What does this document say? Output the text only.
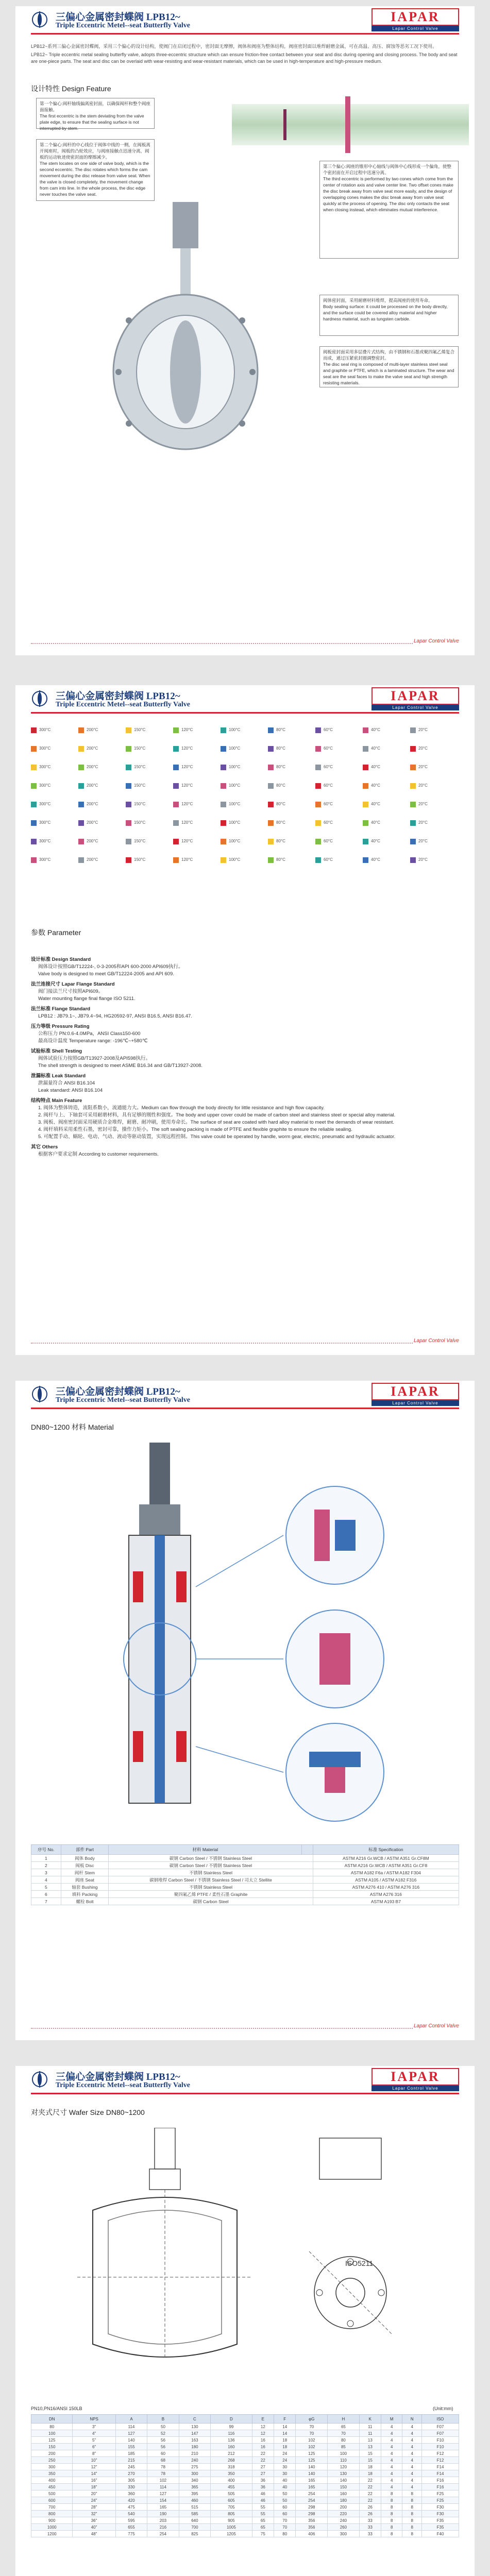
三偏心金属密封蝶阀 LPB12~
Triple Eccentric Metel--seat Butterfly Valve
IAPAR
Lapar Control Valve

LPB12~系列三偏心金属密封蝶阀，采用三个偏心的设计结构，使阀门在启闭过程中，密封面无摩擦，阀体和阀座为整体结构，阀座密封面以堆焊耐磨金属，可在高温、高压、腐蚀等恶劣工况下使用。

LPB12~ Triple eccentric metal sealing butterfly valve, adopts three-eccentric structure which can ensure friction-free contact between your seat and disc during opening and closing process. The body and seat are one-piece parts. The seat and disc can be overlaid with wear-resisting and wear-resistant materials, which can be used in high-temperature and high-pressure medium.

设计特性 Design Feature
第一个偏心:阀杆轴线偏离密封面，以确保阀杆和整个阀座面接触。
The first eccentric is the stem deviating from the valve plate edge, to ensure that the sealing surface is not interrupted by stem.
第二个偏心:阀杆的中心线位于阀体中线的一侧，在阀板离开阀座时，阀板的凸轮效应，与阀座接触点迅速分离，阀板的运动轨迹使密封面的摩擦减少。
The stem locates on one side of valve body, which is the second eccentric. The disc rotates which forms the cam movement during the disc release from valve seat. When the valve is closed completely, the movement change from cam into line. In the whole process, the disc edge never touches the valve seat.
第三个偏心:阀座的锥形中心轴线与阀体中心线形成一个偏角，使整个密封面在开启过程中迅速分离。
The third eccentric is performed by two cones which come from the center of rotation axis and valve center line. Two offset cones make the disc break away from valve seat more easily, and the design of overlapping cones makes the disc break away from valve seat quickly at the process of opening. The disc only contacts the seat when closing instead, which eliminates mutual interference.
阀体密封面，采用耐磨材料堆焊，提高阀座的使用寿命。
Body sealing surface: it could be processed on the body directly, and the surface could be covered alloy material and higher hardness material, such as tungsten carbide.
阀板密封面采用多层叠片式结构，由不锈钢和石墨或聚四氟乙烯复合而成，通过压紧密封圈调整密封。
The disc seal ring is composed of multi-layer stainless steel seal and graphite or PTFE, which is a laminated structure. The wear and seat are the seal faces to make the valve seat and high strength resisting materials.
Lapar Control Valve
三偏心金属密封蝶阀 LPB12~
Triple Eccentric Metel--seat Butterfly Valve
IAPAR
Lapar Control Valve
300°C	200°C	150°C	120°C	100°C	80°C	60°C	40°C	20°C
300°C	200°C	150°C	120°C	100°C	80°C	60°C	40°C	20°C
300°C	200°C	150°C	120°C	100°C	80°C	60°C	40°C	20°C
300°C	200°C	150°C	120°C	100°C	80°C	60°C	40°C	20°C
300°C	200°C	150°C	120°C	100°C	80°C	60°C	40°C	20°C
300°C	200°C	150°C	120°C	100°C	80°C	60°C	40°C	20°C
300°C	200°C	150°C	120°C	100°C	80°C	60°C	40°C	20°C
300°C	200°C	150°C	120°C	100°C	80°C	60°C	40°C	20°C
参数 Parameter
设计标准 Design Standard
阀体设计按照GB/T12224-, 0-3-2005和API 600-2000 API609执行。
Valve body is designed to meet GB/T12224-2005 and API 609.
法兰连接尺寸 Lapar Flange Standard
阀门接法兰尺寸按照API609。
Water mounting flange final flange ISO 5211.
法兰标准 Flange Standard
LPB12 : JB79.1~, JB79.4~94, HG20592-97, ANSI B16.5, ANSI B16.47.
压力等级 Pressure Rating
公称压力 PN:0.6-4.0MPa，ANSI Class150-600
最高设计温度 Temperature range: -196℃~+580℃
试验标准 Shell Testing
阀体试验压力按照GB/T13927-2008及API598执行。
The shell strength is designed to meet ASME B16.34 and GB/T13927-2008.
泄漏标准 Leak Standard
泄漏量符合 ANSI B16.104
Leak standard: ANSI B16.104
结构特点 Main Feature
1. 阀体为整体铸造，流阻系数小，流通能力大。Medium can flow through the body directly for little resistance and high flow capacity.
2. 阀杆与上、下轴套可采用耐磨材料，具有足够的刚性和强度。The body and upper cover could be made of carbon steel and stainless steel or special alloy material.
3. 阀板、阀座密封面采用硬质合金堆焊，耐磨、耐冲刷，使用寿命长。The surface of seat are coated with hard alloy material to meet the demands of wear resistant.
4. 阀杆填料采用柔性石墨，密封可靠，操作力矩小。The soft sealing packing is made of PTFE and flexible graphite to ensure the reliable sealing.
5. 可配置手动、蜗轮、电动、气动、液动等驱动装置，实现远程控制。This valve could be operated by handle, worm gear, electric, pneumatic and hydraulic actuator.
其它 Others
根据客户要求定制 According to customer requirements.
Lapar Control Valve
三偏心金属密封蝶阀 LPB12~
Triple Eccentric Metel--seat Butterfly Valve
IAPAR
Lapar Control Valve
DN80~1200 材料 Material
序号 No.	部件 Part	材料 Material		标准 Specification
1	阀体 Body	碳钢 Carbon Steel / 不锈钢 Stainless Steel		ASTM A216 Gr.WCB / ASTM A351 Gr.CF8M
2	阀板 Disc	碳钢 Carbon Steel / 不锈钢 Stainless Steel		ASTM A216 Gr.WCB / ASTM A351 Gr.CF8
3	阀杆 Stem	不锈钢 Stainless Steel		ASTM A182 F6a / ASTM A182 F304
4	阀座 Seat	碳钢堆焊 Carbon Steel / 不锈钢 Stainless Steel / 司太立 Stellite		ASTM A105 / ASTM A182 F316
5	轴套 Bushing	不锈钢 Stainless Steel		ASTM A276 410 / ASTM A276 316
6	填料 Packing	聚四氟乙烯 PTFE / 柔性石墨 Graphite		ASTM A276 316
7	螺栓 Bolt	碳钢 Carbon Steel		ASTM A193 B7
Lapar Control Valve
三偏心金属密封蝶阀 LPB12~
Triple Eccentric Metel--seat Butterfly Valve
IAPAR
Lapar Control Valve
对夹式尺寸 Wafer Size DN80~1200
ISO5211
PN10,PN16/ANSI 150LB	(Unit:mm)
DN	NPS	A	B	C	D	E	F	φG	H	K	M	N	ISO
80	3"	114	50	130	99	12	14	70	65	11	4	4	F07
100	4"	127	52	147	116	12	14	70	70	11	4	4	F07
125	5"	140	56	163	136	16	18	102	80	13	4	4	F10
150	6"	155	56	180	160	16	18	102	85	13	4	4	F10
200	8"	185	60	210	212	22	24	125	100	15	4	4	F12
250	10"	215	68	240	268	22	24	125	110	15	4	4	F12
300	12"	245	78	275	318	27	30	140	120	18	4	4	F14
350	14"	270	78	300	350	27	30	140	130	18	4	4	F14
400	16"	305	102	340	400	36	40	165	140	22	4	4	F16
450	18"	330	114	365	455	36	40	165	150	22	4	4	F16
500	20"	360	127	395	505	46	50	254	160	22	8	8	F25
600	24"	420	154	460	605	46	50	254	180	22	8	8	F25
700	28"	475	165	515	705	55	60	298	200	26	8	8	F30
800	32"	540	190	585	805	55	60	298	220	26	8	8	F30
900	36"	595	203	640	905	65	70	356	240	33	8	8	F35
1000	40"	655	216	700	1005	65	70	356	260	33	8	8	F35
1200	48"	775	254	825	1205	75	80	406	300	33	8	8	F40
